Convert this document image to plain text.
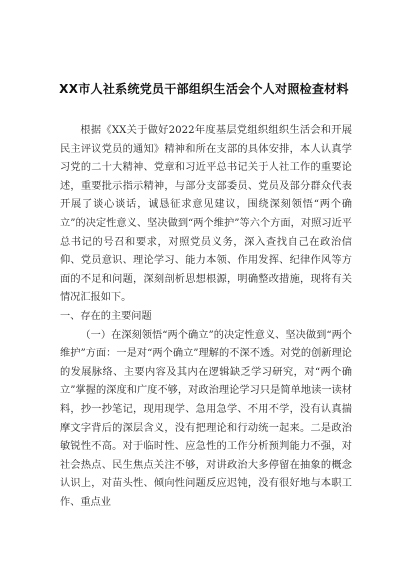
XX市人社系统党员干部组织生活会个人对照检查材料

根据《XX关于做好2022年度基层党组织组织生活会和开展民主评议党员的通知》精神和所在支部的具体安排，本人认真学习党的二十大精神、党章和习近平总书记关于人社工作的重要论述，重要批示指示精神，与部分支部委员、党员及部分群众代表开展了谈心谈话，诚恳征求意见建议，围绕深刻领悟“两个确立”的决定性意义、坚决做到“两个维护”等六个方面，对照习近平总书记的号召和要求，对照党员义务，深入查找自己在政治信仰、党员意识、理论学习、能力本领、作用发挥、纪律作风等方面的不足和问题，深刻剖析思想根源，明确整改措施，现将有关情况汇报如下。

一、存在的主要问题

（一）在深刻领悟“两个确立”的决定性意义、坚决做到“两个维护”方面：一是对“两个确立”理解的不深不透。对党的创新理论的发展脉络、主要内容及其内在逻辑缺乏学习研究，对“两个确立”掌握的深度和广度不够，对政治理论学习只是简单地读一读材料，抄一抄笔记，现用现学、急用急学、不用不学，没有认真揣摩文字背后的深层含义，没有把理论和行动统一起来。二是政治敏锐性不高。对于临时性、应急性的工作分析预判能力不强，对社会热点、民生焦点关注不够，对讲政治大多停留在抽象的概念认识上，对苗头性、倾向性问题反应迟钝，没有很好地与本职工作、重点业
